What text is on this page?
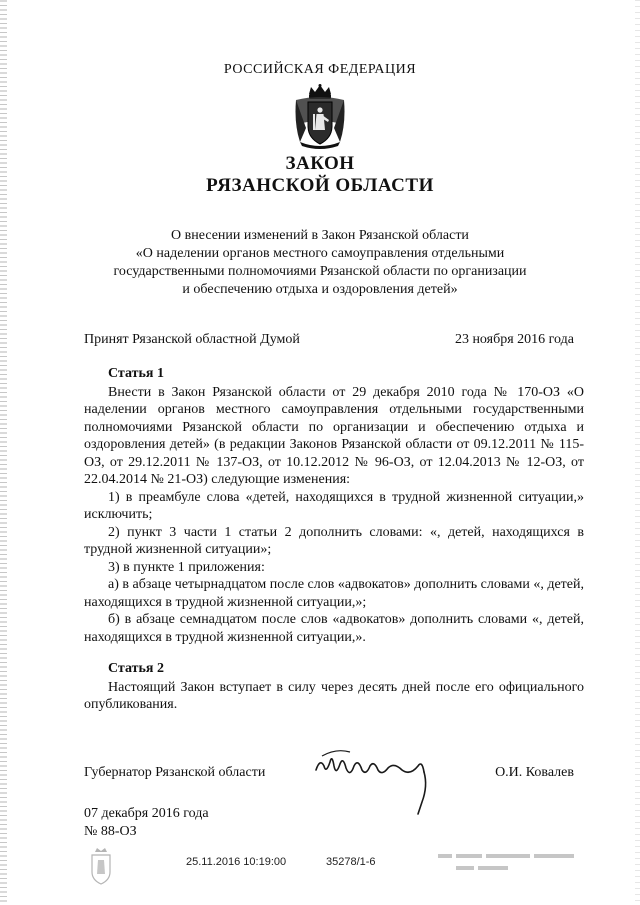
РОССИЙСКАЯ ФЕДЕРАЦИЯ
ЗАКОН
РЯЗАНСКОЙ ОБЛАСТИ
О внесении изменений в Закон Рязанской области
«О наделении органов местного самоуправления отдельными
государственными полномочиями Рязанской области по организации
и обеспечению отдыха и оздоровления детей»
Принят Рязанской областной Думой	23 ноября 2016 года

Статья 1

Внести в Закон Рязанской области от 29 декабря 2010 года № 170-ОЗ «О наделении органов местного самоуправления отдельными государственными полномочиями Рязанской области по организации и обеспечению отдыха и оздоровления детей» (в редакции Законов Рязанской области от 09.12.2011 № 115-ОЗ, от 29.12.2011 № 137-ОЗ, от 10.12.2012 № 96-ОЗ, от 12.04.2013 № 12-ОЗ, от 22.04.2014 № 21-ОЗ) следующие изменения:

1) в преамбуле слова «детей, находящихся в трудной жизненной ситуации,» исключить;

2) пункт 3 части 1 статьи 2 дополнить словами: «, детей, находящихся в трудной жизненной ситуации»;

3) в пункте 1 приложения:

а) в абзаце четырнадцатом после слов «адвокатов» дополнить словами «, детей, находящихся в трудной жизненной ситуации,»;

б) в абзаце семнадцатом после слов «адвокатов» дополнить словами «, детей, находящихся в трудной жизненной ситуации,».

Статья 2

Настоящий Закон вступает в силу через десять дней после его официального опубликования.

Губернатор Рязанской области	О.И. Ковалев
07 декабря 2016 года
№ 88-ОЗ
25.11.2016 10:19:00	35278/1-6
